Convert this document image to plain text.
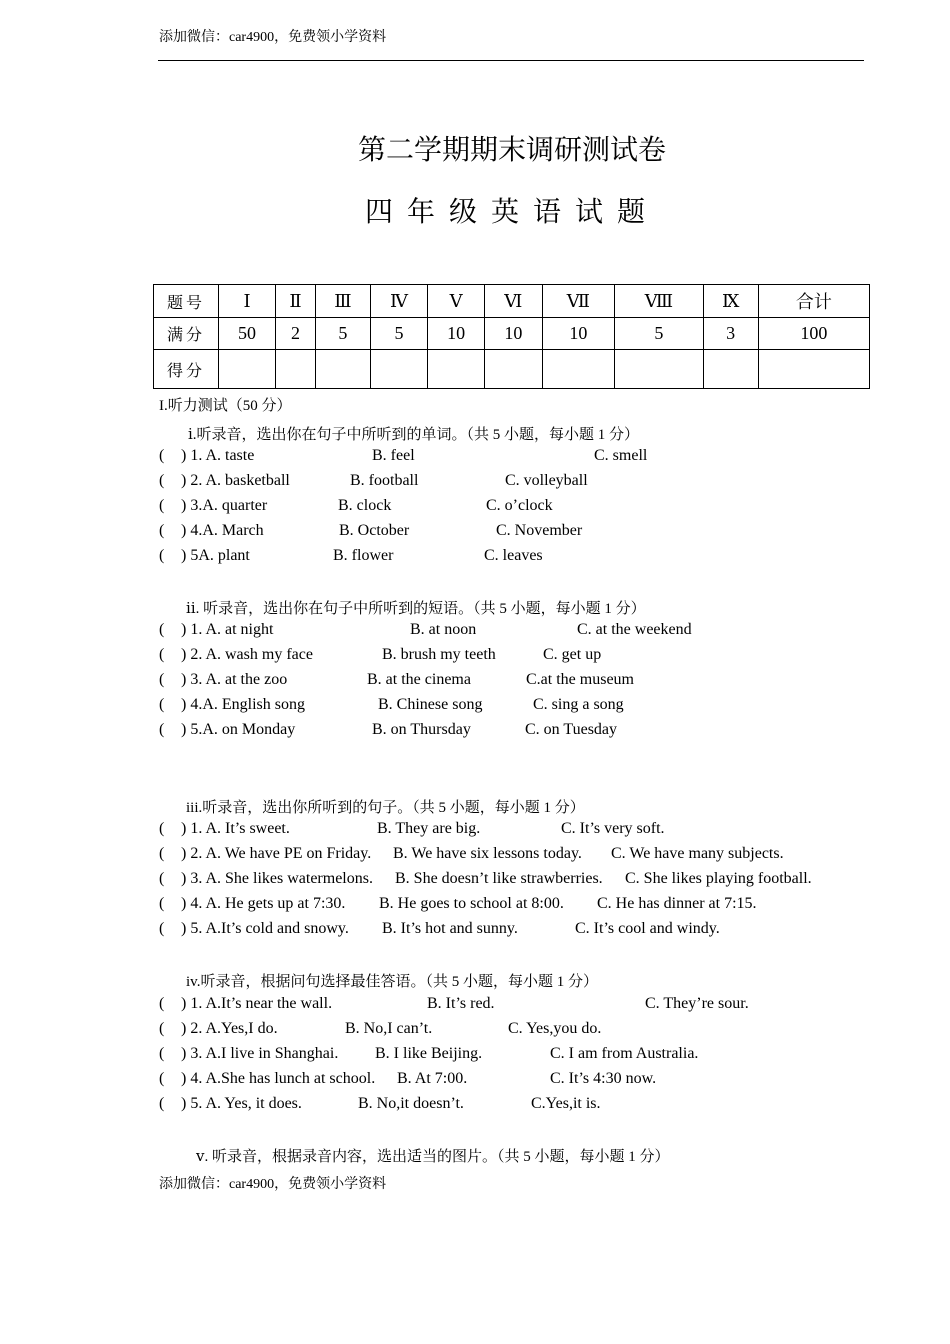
添加微信：car4900，免费领小学资料
第二学期期末调研测试卷
四年级英语试题
题号	Ⅰ	Ⅱ	Ⅲ	Ⅳ	Ⅴ	Ⅵ	Ⅶ	Ⅷ	Ⅸ	合计
满分	50	2	5	5	10	10	10	5	3	100
得分										
I.听力测试（50 分）
ⅰ.听录音，选出你在句子中所听到的单词。（共 5 小题，每小题 1 分）
( ) 1. A. taste	B. feel	C. smell
( ) 2. A. basketball	B. football	C. volleyball
( ) 3.A. quarter	B. clock	C. o’clock
( ) 4.A. March	B. October	C. November
( ) 5A. plant	B. flower	C. leaves
ⅱ. 听录音，选出你在句子中所听到的短语。（共 5 小题，每小题 1 分）
( ) 1. A. at night	B. at noon	C. at the weekend
( ) 2. A. wash my face	B. brush my teeth	C. get up
( ) 3. A. at the zoo	B. at the cinema	C.at the museum
( ) 4.A. English song	B. Chinese song	C. sing a song
( ) 5.A. on Monday	B. on Thursday	C. on Tuesday
iii.听录音，选出你所听到的句子。（共 5 小题，每小题 1 分）
( ) 1. A. It’s sweet.	B. They are big.	C. It’s very soft.
( ) 2. A. We have PE on Friday. B. We have six lessons today. C. We have many subjects.
( ) 3. A. She likes watermelons. B. She doesn’t like strawberries. C. She likes playing football.
( ) 4. A. He gets up at 7:30. B. He goes to school at 8:00. C. He has dinner at 7:15.
( ) 5. A.It’s cold and snowy. B. It’s hot and sunny.	C. It’s cool and windy.
iv.听录音，根据问句选择最佳答语。（共 5 小题，每小题 1 分）
( ) 1. A.It’s near the wall.	B. It’s red.	C. They’re sour.
( ) 2. A.Yes,I do.	B. No,I can’t.	C. Yes,you do.
( ) 3. A.I live in Shanghai. B. I like Beijing.	C. I am from Australia.
( ) 4. A.She has lunch at school. B. At 7:00.	C. It’s 4:30 now.
( ) 5. A. Yes, it does.	B. No,it doesn’t.	C.Yes,it is.
ⅴ. 听录音，根据录音内容，选出适当的图片。（共 5 小题，每小题 1 分）
添加微信：car4900，免费领小学资料
